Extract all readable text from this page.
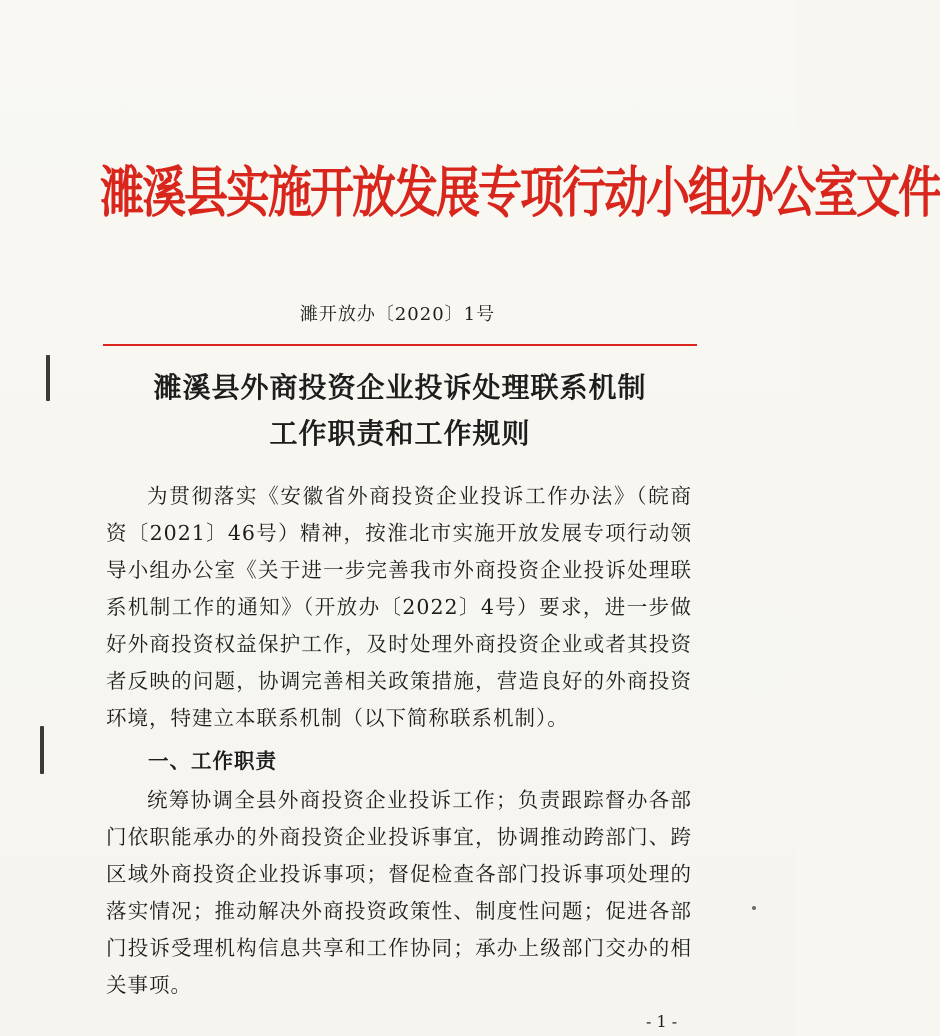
濉溪县实施开放发展专项行动小组办公室文件
濉开放办〔2020〕1号
濉溪县外商投资企业投诉处理联系机制
工作职责和工作规则
为贯彻落实《安徽省外商投资企业投诉工作办法》（皖商资〔2021〕46号）精神，按淮北市实施开放发展专项行动领导小组办公室《关于进一步完善我市外商投资企业投诉处理联系机制工作的通知》（开放办〔2022〕4号）要求，进一步做好外商投资权益保护工作，及时处理外商投资企业或者其投资者反映的问题，协调完善相关政策措施，营造良好的外商投资环境，特建立本联系机制（以下简称联系机制）。
一、工作职责
统筹协调全县外商投资企业投诉工作；负责跟踪督办各部门依职能承办的外商投资企业投诉事宜，协调推动跨部门、跨区域外商投资企业投诉事项；督促检查各部门投诉事项处理的落实情况；推动解决外商投资政策性、制度性问题；促进各部门投诉受理机构信息共享和工作协同；承办上级部门交办的相关事项。
- 1 -
